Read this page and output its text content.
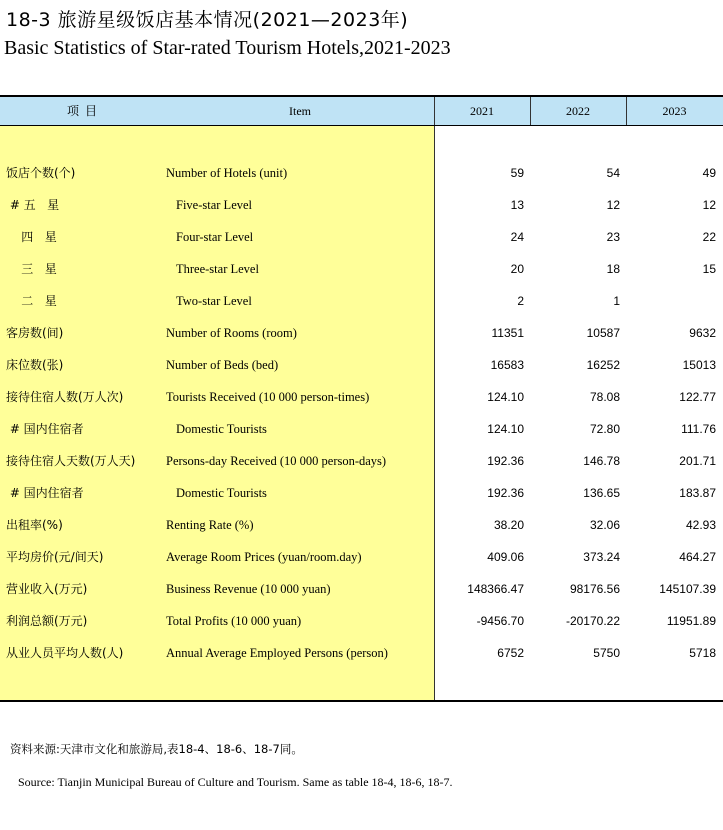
18-3 旅游星级饭店基本情况(2021—2023年)
Basic Statistics of Star-rated Tourism Hotels,2021-2023
项目	Item	2021	2022	2023
饭店个数(个)	Number of Hotels (unit)	59	54	49
# 五   星	Five-star Level	13	12	12
四   星	Four-star Level	24	23	22
三   星	Three-star Level	20	18	15
二   星	Two-star Level	2	1
客房数(间)	Number of Rooms (room)	11351	10587	9632
床位数(张)	Number of Beds (bed)	16583	16252	15013
接待住宿人数(万人次)	Tourists Received (10 000 person-times)	124.10	78.08	122.77
# 国内住宿者	Domestic Tourists	124.10	72.80	111.76
接待住宿人天数(万人天) Persons-day Received (10 000 person-days)	192.36	146.78	201.71
# 国内住宿者	Domestic Tourists	192.36	136.65	183.87
出租率(%)	Renting Rate (%)	38.20	32.06	42.93
平均房价(元/间天)	Average Room Prices (yuan/room.day)	409.06	373.24	464.27
营业收入(万元)	Business Revenue (10 000 yuan)	148366.47	98176.56	145107.39
利润总额(万元)	Total Profits (10 000 yuan)	-9456.70	-20170.22	11951.89
从业人员平均人数(人)	Annual Average Employed Persons (person)	6752	5750	5718
资料来源:天津市文化和旅游局,表18-4、18-6、18-7同。
Source: Tianjin Municipal Bureau of Culture and Tourism. Same as table 18-4, 18-6, 18-7.
